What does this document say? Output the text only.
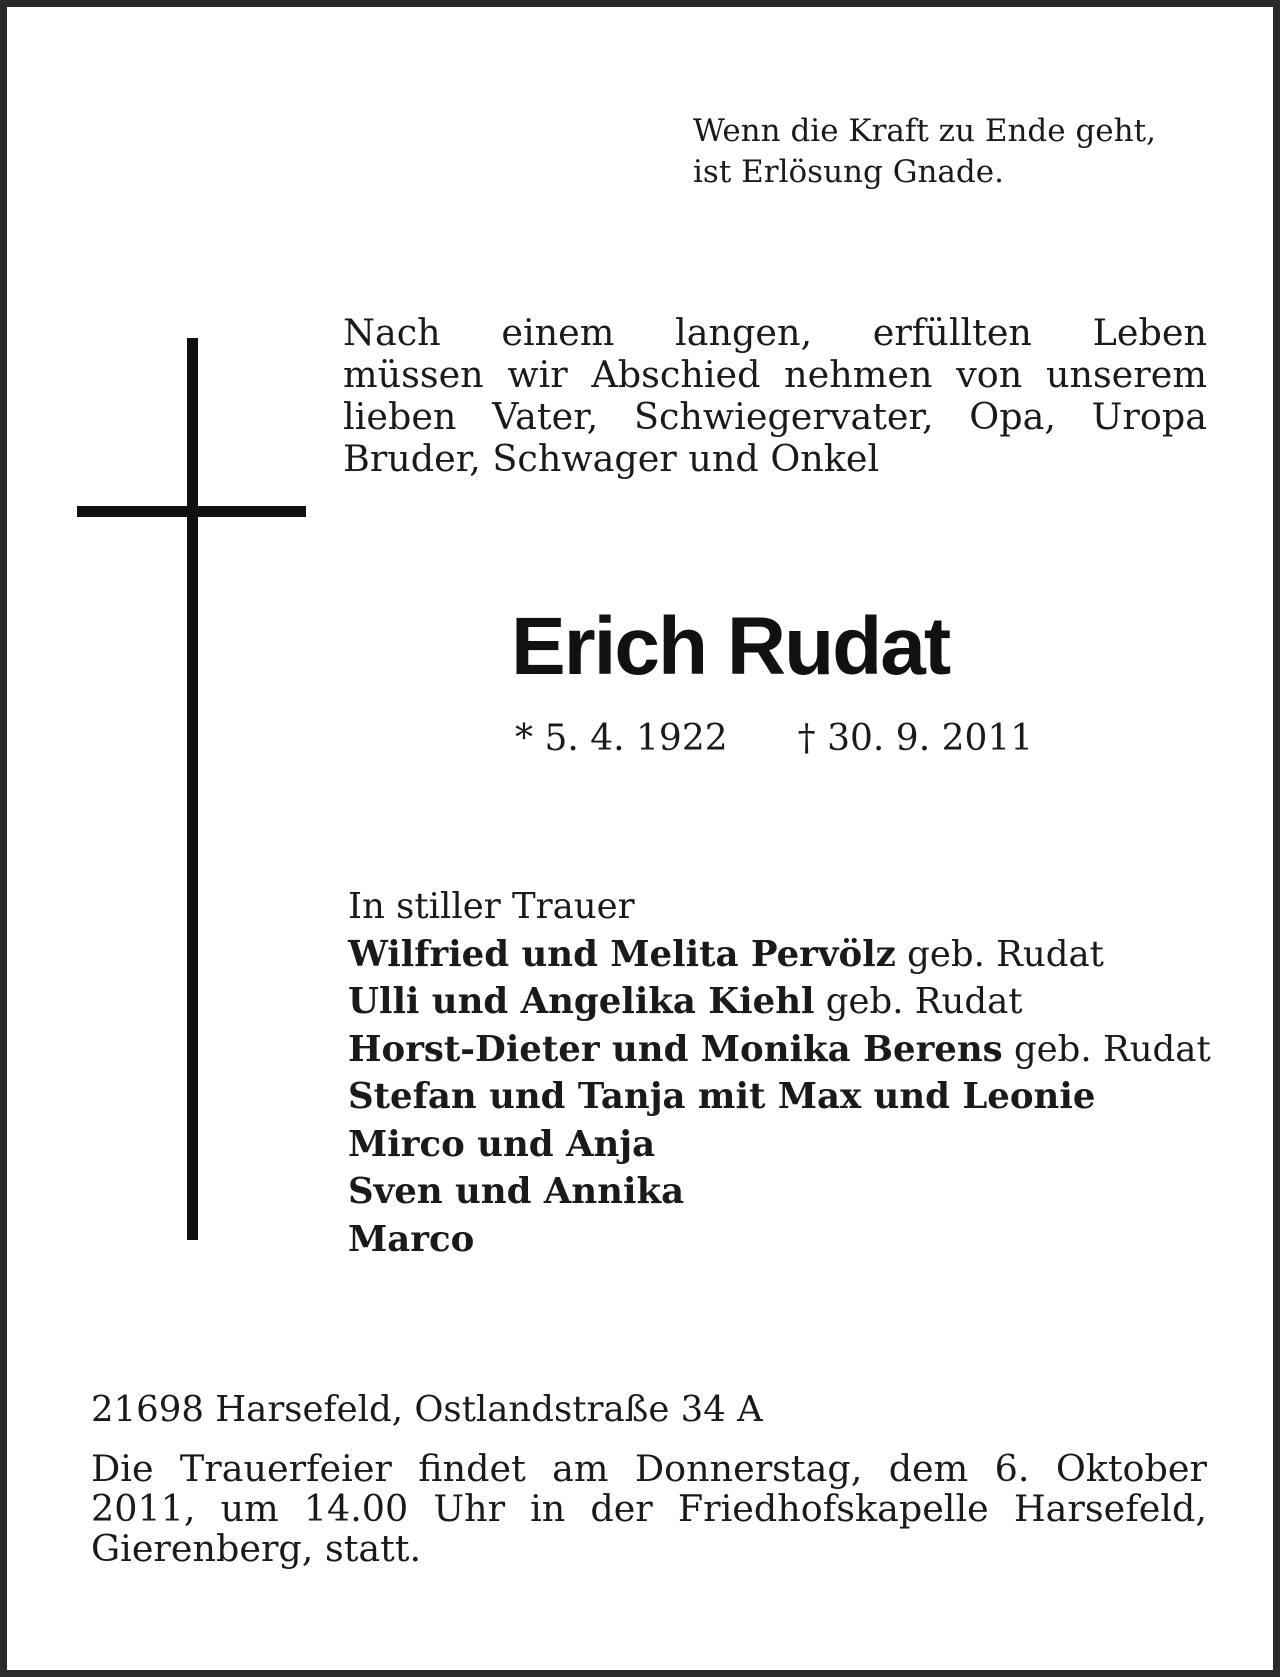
Wenn die Kraft zu Ende geht,
ist Erlösung Gnade.
Nach einem langen, erfüllten Leben
müssen wir Abschied nehmen von unserem
lieben Vater, Schwiegervater, Opa, Uropa
Bruder, Schwager und Onkel
Erich Rudat
* 5. 4. 1922 † 30. 9. 2011
In stiller Trauer
Wilfried und Melita Pervölz geb. Rudat
Ulli und Angelika Kiehl geb. Rudat
Horst-Dieter und Monika Berens geb. Rudat
Stefan und Tanja mit Max und Leonie
Mirco und Anja
Sven und Annika
Marco
21698 Harsefeld, Ostlandstraße 34 A
Die Trauerfeier findet am Donnerstag, dem 6. Oktober
2011, um 14.00 Uhr in der Friedhofskapelle Harsefeld,
Gierenberg, statt.
